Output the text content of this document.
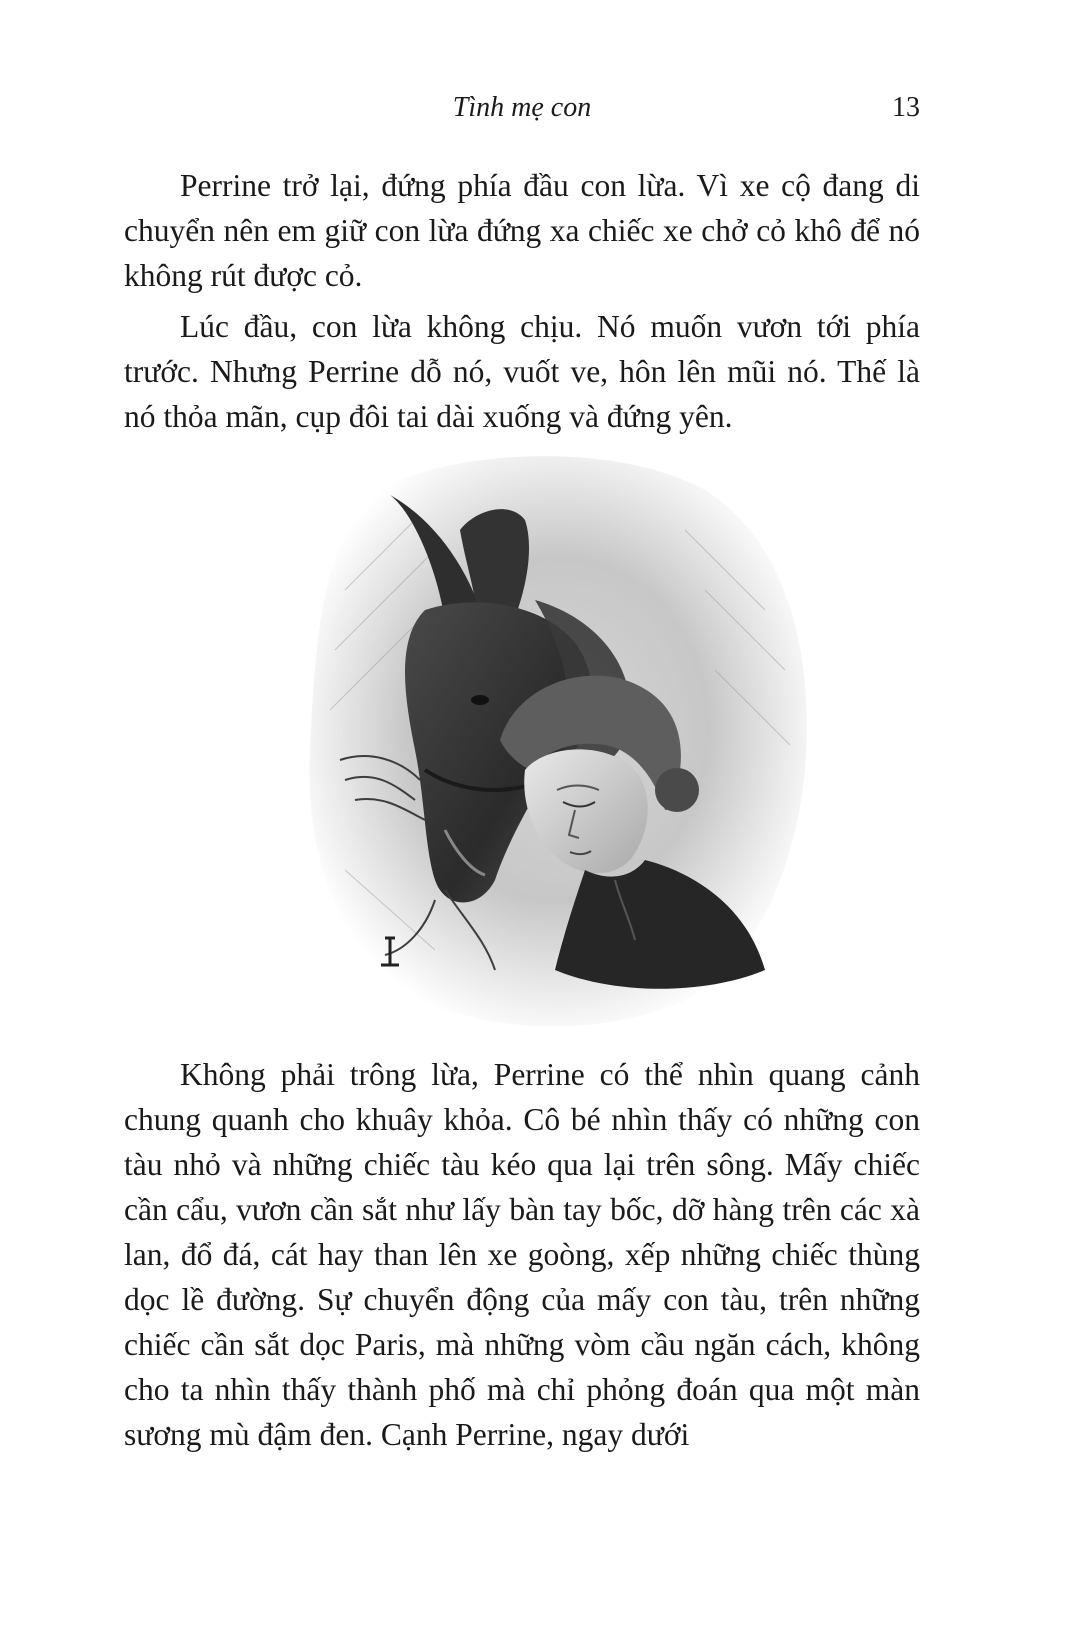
Tình mẹ con	13

Perrine trở lại, đứng phía đầu con lừa. Vì xe cộ đang di chuyển nên em giữ con lừa đứng xa chiếc xe chở cỏ khô để nó không rút được cỏ.

Lúc đầu, con lừa không chịu. Nó muốn vươn tới phía trước. Nhưng Perrine dỗ nó, vuốt ve, hôn lên mũi nó. Thế là nó thỏa mãn, cụp đôi tai dài xuống và đứng yên.

Không phải trông lừa, Perrine có thể nhìn quang cảnh chung quanh cho khuây khỏa. Cô bé nhìn thấy có những con tàu nhỏ và những chiếc tàu kéo qua lại trên sông. Mấy chiếc cần cẩu, vươn cần sắt như lấy bàn tay bốc, dỡ hàng trên các xà lan, đổ đá, cát hay than lên xe goòng, xếp những chiếc thùng dọc lề đường. Sự chuyển động của mấy con tàu, trên những chiếc cần sắt dọc Paris, mà những vòm cầu ngăn cách, không cho ta nhìn thấy thành phố mà chỉ phỏng đoán qua một màn sương mù đậm đen. Cạnh Perrine, ngay dưới
